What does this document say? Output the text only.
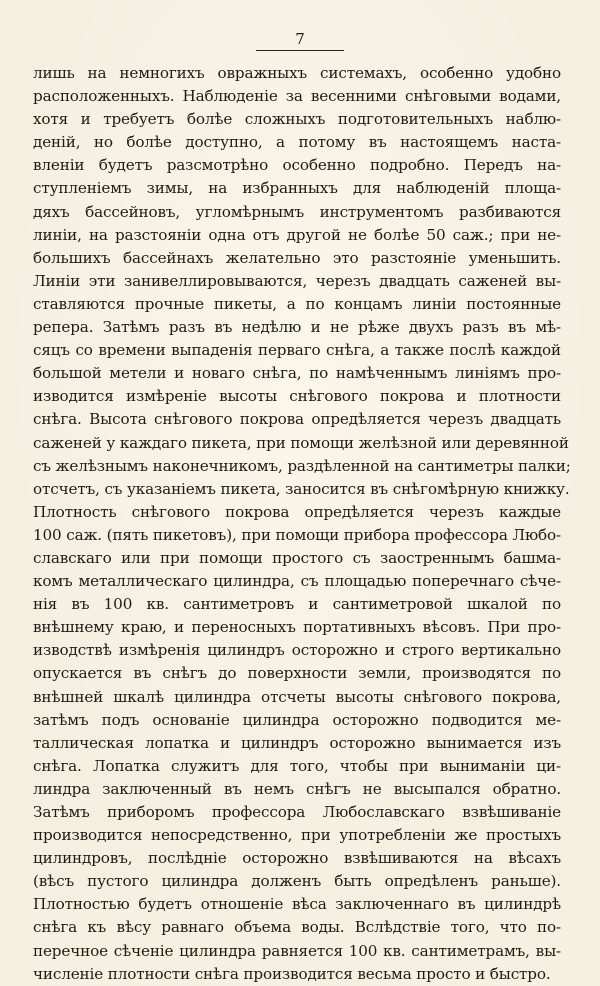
7
лишь на немногихъ овражныхъ системахъ, особенно удобно
расположенныхъ. Наблюденіе за весенними снѣговыми водами,
хотя и требуетъ болѣе сложныхъ подготовительныхъ наблю-
деній, но болѣе доступно, а потому въ настоящемъ наста-
вленіи будетъ разсмотрѣно особенно подробно. Передъ на-
ступленіемъ зимы, на избранныхъ для наблюденій площа-
дяхъ бассейновъ, угломѣрнымъ инструментомъ разбиваются
линіи, на разстояніи одна отъ другой не болѣе 50 саж.; при не-
большихъ бассейнахъ желательно это разстояніе уменьшить.
Линіи эти занивеллировываются, черезъ двадцать саженей вы-
ставляются прочные пикеты, а по концамъ линіи постоянные
репера. Затѣмъ разъ въ недѣлю и не рѣже двухъ разъ въ мѣ-
сяцъ со времени выпаденія перваго снѣга, а также послѣ каждой
большой метели и новаго снѣга, по намѣченнымъ линіямъ про-
изводится измѣреніе высоты снѣгового покрова и плотности
снѣга. Высота снѣгового покрова опредѣляется черезъ двадцать
саженей у каждаго пикета, при помощи желѣзной или деревянной
съ желѣзнымъ наконечникомъ, раздѣленной на сантиметры палки;
отсчетъ, съ указаніемъ пикета, заносится въ снѣгомѣрную книжку.
Плотность снѣгового покрова опредѣляется черезъ каждые
100 саж. (пять пикетовъ), при помощи прибора профессора Любо-
славскаго или при помощи простого съ заостреннымъ башма-
комъ металлическаго цилиндра, съ площадью поперечнаго сѣче-
нія въ 100 кв. сантиметровъ и сантиметровой шкалой по
внѣшнему краю, и переносныхъ портативныхъ вѣсовъ. При про-
изводствѣ измѣренія цилиндръ осторожно и строго вертикально
опускается въ снѣгъ до поверхности земли, производятся по
внѣшней шкалѣ цилиндра отсчеты высоты снѣгового покрова,
затѣмъ подъ основаніе цилиндра осторожно подводится ме-
таллическая лопатка и цилиндръ осторожно вынимается изъ
снѣга. Лопатка служитъ для того, чтобы при выниманіи ци-
линдра заключенный въ немъ снѣгъ не высыпался обратно.
Затѣмъ приборомъ профессора Любославскаго взвѣшиваніе
производится непосредственно, при употребленіи же простыхъ
цилиндровъ, послѣдніе осторожно взвѣшиваются на вѣсахъ
(вѣсъ пустого цилиндра долженъ быть опредѣленъ раньше).
Плотностью будетъ отношеніе вѣса заключеннаго въ цилиндрѣ
снѣга къ вѣсу равнаго объема воды. Вслѣдствіе того, что по-
перечное сѣченіе цилиндра равняется 100 кв. сантиметрамъ, вы-
численіе плотности снѣга производится весьма просто и быстро.
